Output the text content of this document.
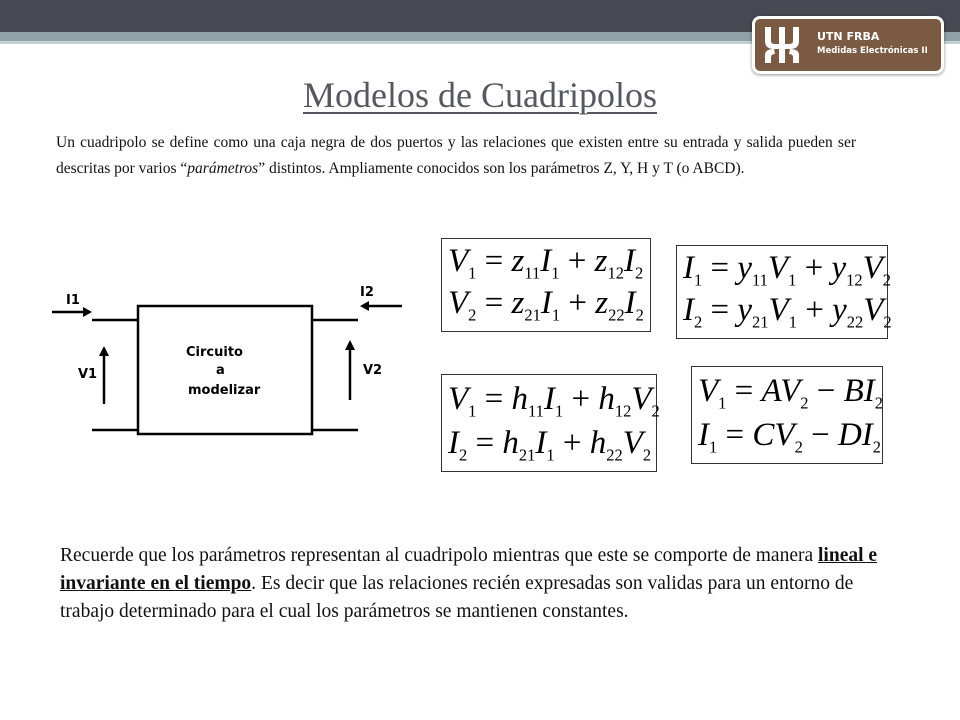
UTN FRBA
Medidas Electrónicas II
Modelos de Cuadripolos

Un cuadripolo se define como una caja negra de dos puertos y las relaciones que existen entre su entrada y salida pueden ser descritas por varios “parámetros” distintos. Ampliamente conocidos son los parámetros Z, Y, H y T (o ABCD).

I1
I2
V1	V2
Circuito
a
modelizar
$V_1 = z_{11}I_1 + z_{12}I_2$
$V_2 = z_{21}I_1 + z_{22}I_2$
$I_1 = y_{11}V_1 + y_{12}V_2$
$I_2 = y_{21}V_1 + y_{22}V_2$
$V_1 = h_{11}I_1 + h_{12}V_2$
$I_2 = h_{21}I_1 + h_{22}V_2$
$V_1 = AV_2 - BI_2$
$I_1 = CV_2 - DI_2$

Recuerde que los parámetros representan al cuadripolo mientras que este se comporte de manera lineal e invariante en el tiempo. Es decir que las relaciones recién expresadas son validas para un entorno de trabajo determinado para el cual los parámetros se mantienen constantes.
